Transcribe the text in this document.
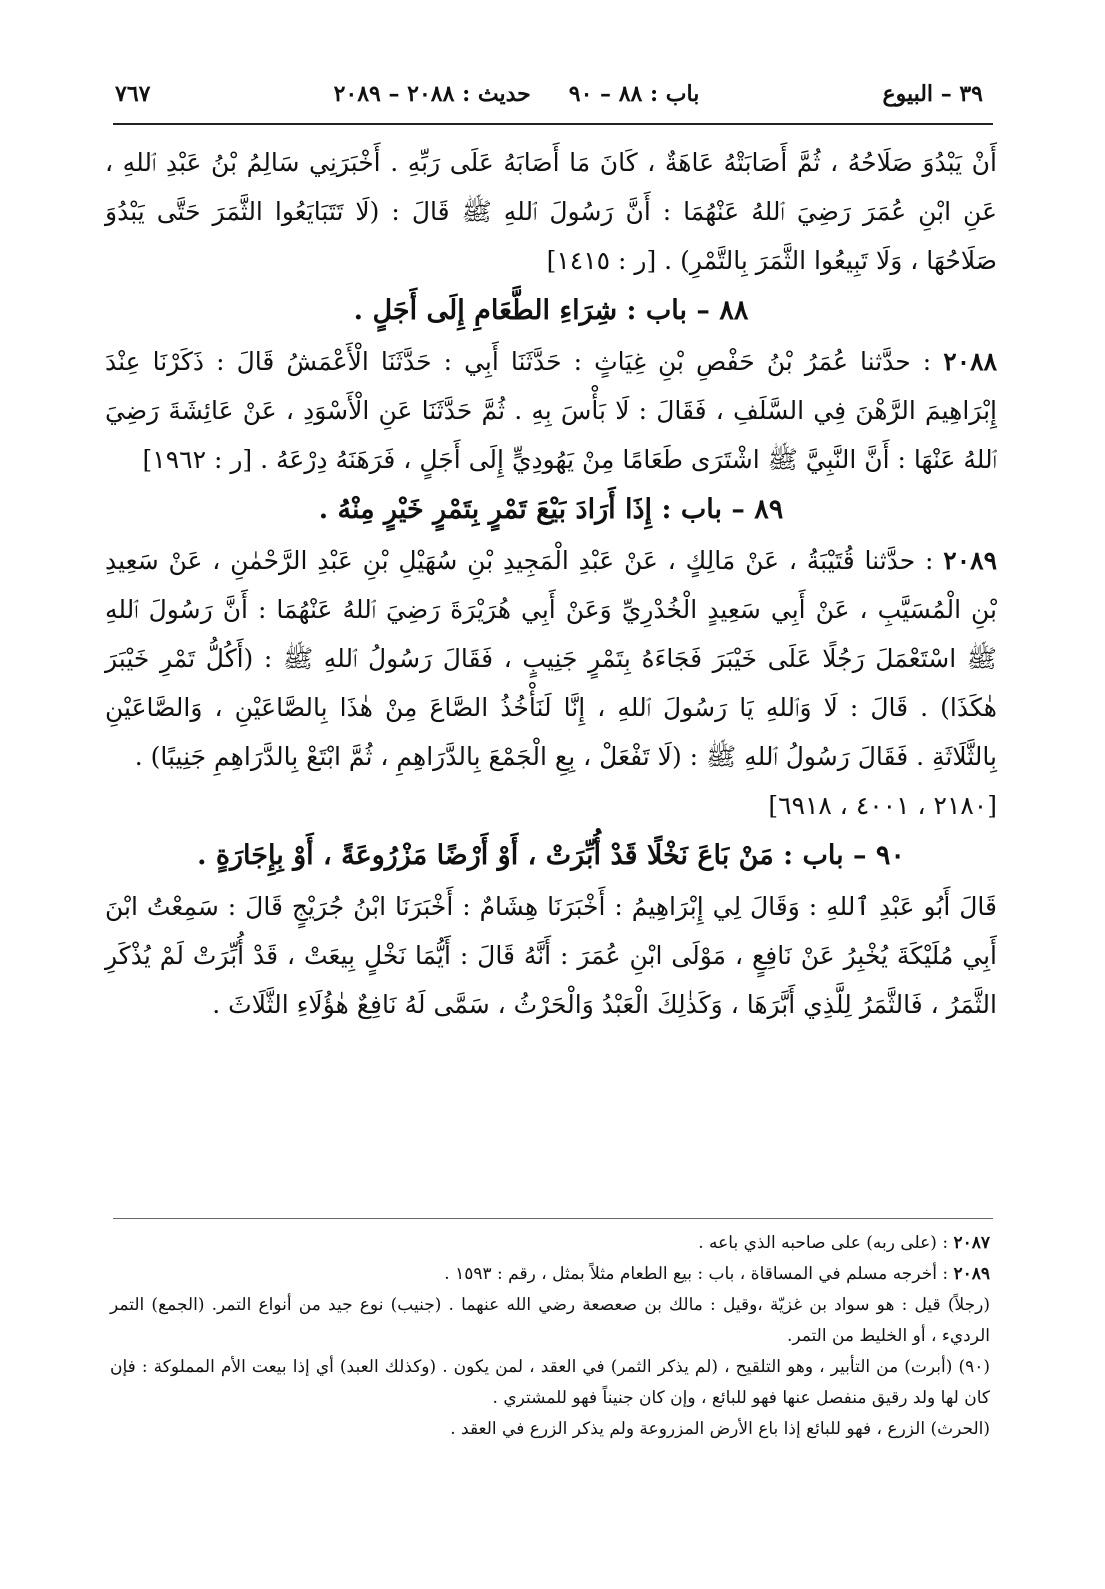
٣٩ – البيوع
باب : ٨٨ – ٩٠
حديث : ٢٠٨٨ – ٢٠٨٩
٧٦٧

أَنْ يَبْدُوَ صَلَاحُهُ ، ثُمَّ أَصَابَتْهُ عَاهَةٌ ، كَانَ مَا أَصَابَهُ عَلَى رَبِّهِ . أَخْبَرَنِي سَالِمُ بْنُ عَبْدِ ٱللهِ ، عَنِ ابْنِ عُمَرَ رَضِيَ ٱللهُ عَنْهُمَا : أَنَّ رَسُولَ ٱللهِ ﷺ قَالَ : (لَا تَتَبَايَعُوا الثَّمَرَ حَتَّى يَبْدُوَ صَلَاحُهَا ، وَلَا تَبِيعُوا الثَّمَرَ بِالتَّمْرِ) . [ر : ١٤١٥]

٨٨ – باب : شِرَاءِ الطَّعَامِ إِلَى أَجَلٍ .

٢٠٨٨ : حدَّثنا عُمَرُ بْنُ حَفْصِ بْنِ غِيَاثٍ : حَدَّثَنَا أَبِي : حَدَّثَنَا الْأَعْمَشُ قَالَ : ذَكَرْنَا عِنْدَ إِبْرَاهِيمَ الرَّهْنَ فِي السَّلَفِ ، فَقَالَ : لَا بَأْسَ بِهِ . ثُمَّ حَدَّثَنَا عَنِ الْأَسْوَدِ ، عَنْ عَائِشَةَ رَضِيَ ٱللهُ عَنْهَا : أَنَّ النَّبِيَّ ﷺ اشْتَرَى طَعَامًا مِنْ يَهُودِيٍّ إِلَى أَجَلٍ ، فَرَهَنَهُ دِرْعَهُ . [ر : ١٩٦٢]

٨٩ – باب : إِذَا أَرَادَ بَيْعَ تَمْرٍ بِتَمْرٍ خَيْرٍ مِنْهُ .

٢٠٨٩ : حدَّثنا قُتَيْبَةُ ، عَنْ مَالِكٍ ، عَنْ عَبْدِ الْمَجِيدِ بْنِ سُهَيْلِ بْنِ عَبْدِ الرَّحْمٰنِ ، عَنْ سَعِيدِ بْنِ الْمُسَيَّبِ ، عَنْ أَبِي سَعِيدٍ الْخُدْرِيِّ وَعَنْ أَبِي هُرَيْرَةَ رَضِيَ ٱللهُ عَنْهُمَا : أَنَّ رَسُولَ ٱللهِ ﷺ اسْتَعْمَلَ رَجُلًا عَلَى خَيْبَرَ فَجَاءَهُ بِتَمْرٍ جَنِيبٍ ، فَقَالَ رَسُولُ ٱللهِ ﷺ : (أَكُلُّ تَمْرِ خَيْبَرَ هٰكَذَا) . قَالَ : لَا وَٱللهِ يَا رَسُولَ ٱللهِ ، إِنَّا لَنَأْخُذُ الصَّاعَ مِنْ هٰذَا بِالصَّاعَيْنِ ، وَالصَّاعَيْنِ بِالثَّلَاثَةِ . فَقَالَ رَسُولُ ٱللهِ ﷺ : (لَا تَفْعَلْ ، بِعِ الْجَمْعَ بِالدَّرَاهِمِ ، ثُمَّ ابْتَعْ بِالدَّرَاهِمِ جَنِيبًا) .

[٢١٨٠ ، ٤٠٠١ ، ٦٩١٨]

٩٠ – باب : مَنْ بَاعَ نَخْلًا قَدْ أُبِّرَتْ ، أَوْ أَرْضًا مَزْرُوعَةً ، أَوْ بِإِجَارَةٍ .

قَالَ أَبُو عَبْدِ ٱللهِ : وَقَالَ لِي إِبْرَاهِيمُ : أَخْبَرَنَا هِشَامٌ : أَخْبَرَنَا ابْنُ جُرَيْجٍ قَالَ : سَمِعْتُ ابْنَ أَبِي مُلَيْكَةَ يُخْبِرُ عَنْ نَافِعٍ ، مَوْلَى ابْنِ عُمَرَ : أَنَّهُ قَالَ : أَيُّمَا نَخْلٍ بِيعَتْ ، قَدْ أُبِّرَتْ لَمْ يُذْكَرِ الثَّمَرُ ، فَالثَّمَرُ لِلَّذِي أَبَّرَهَا ، وَكَذٰلِكَ الْعَبْدُ وَالْحَرْثُ ، سَمَّى لَهُ نَافِعٌ هٰؤُلَاءِ الثَّلَاثَ .

٢٠٨٧ : (على ربه) على صاحبه الذي باعه .

٢٠٨٩ : أخرجه مسلم في المساقاة ، باب : بيع الطعام مثلاً بمثل ، رقم : ١٥٩٣ .

(رجلاً) قيل : هو سواد بن غزيّة ،وقيل : مالك بن صعصعة رضي الله عنهما . (جنيب) نوع جيد من أنواع التمر. (الجمع) التمر الرديء ، أو الخليط من التمر.

(٩٠) (أبرت) من التأبير ، وهو التلقيح ، (لم يذكر الثمر) في العقد ، لمن يكون . (وكذلك العبد) أي إذا بيعت الأم المملوكة : فإن كان لها ولد رقيق منفصل عنها فهو للبائع ، وإن كان جنيناً فهو للمشتري .

(الحرث) الزرع ، فهو للبائع إذا باع الأرض المزروعة ولم يذكر الزرع في العقد .
